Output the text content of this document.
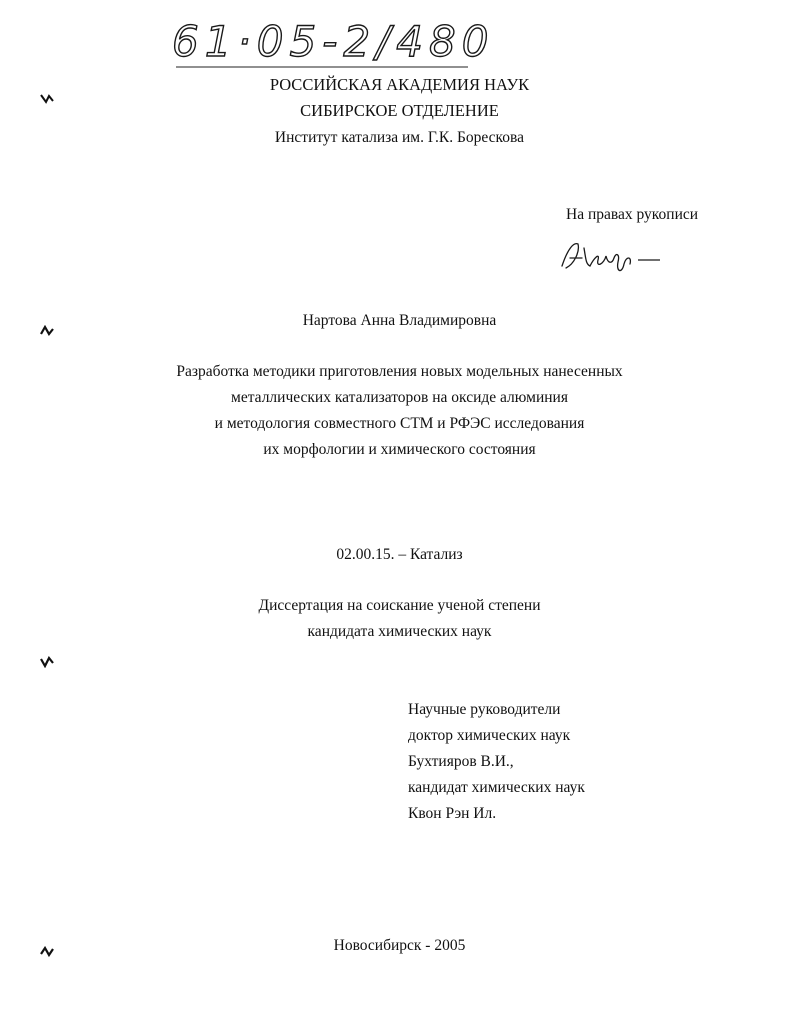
61·05-2/480
РОССИЙСКАЯ АКАДЕМИЯ НАУК
СИБИРСКОЕ ОТДЕЛЕНИЕ
Институт катализа им. Г.К. Борескова
На правах рукописи
Нартова Анна Владимировна
Разработка методики приготовления новых модельных нанесенных
металлических катализаторов на оксиде алюминия
и методология совместного СТМ и РФЭС исследования
их морфологии и химического состояния
02.00.15. – Катализ
Диссертация на соискание ученой степени
кандидата химических наук
Научные руководители
доктор химических наук
Бухтияров В.И.,
кандидат химических наук
Квон Рэн Ил.
Новосибирск - 2005
